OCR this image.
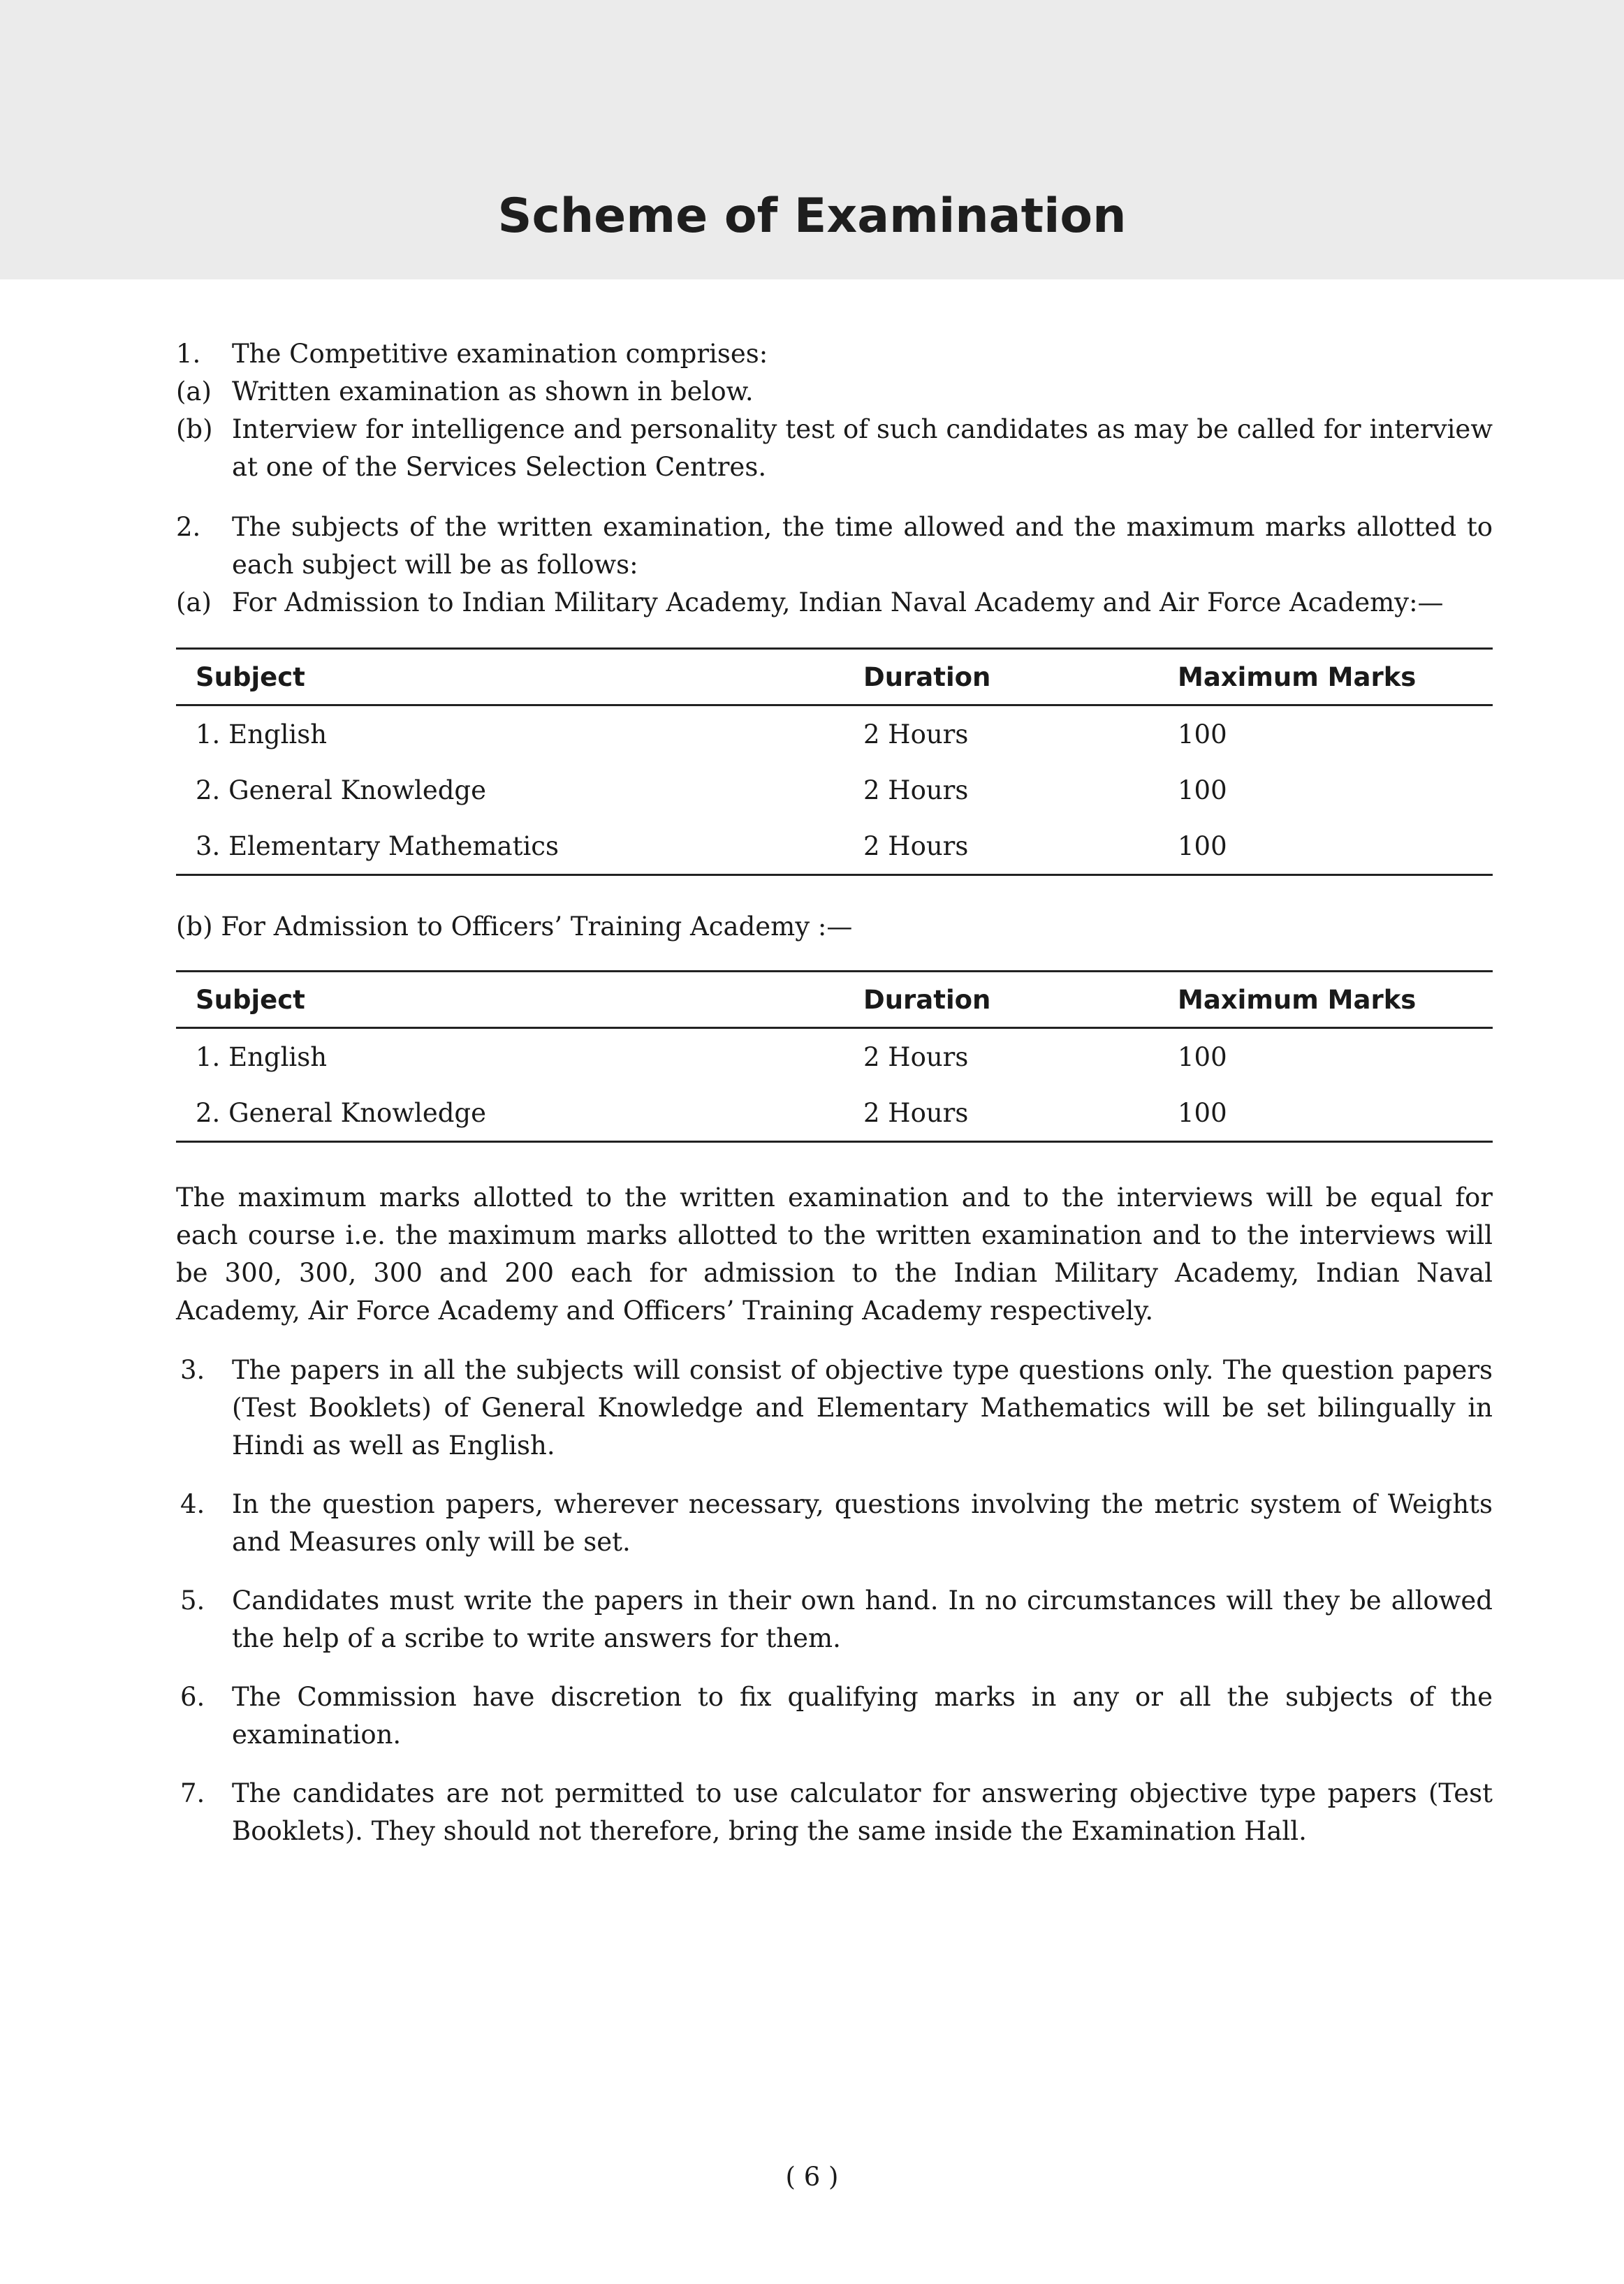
Scheme of Examination
1.	The Competitive examination comprises:
(a) Written examination as shown in below.
(b) Interview for intelligence and personality test of such candidates as may be called for interview at one of the Services Selection Centres.
2.	The subjects of the written examination, the time allowed and the maximum marks allotted to each subject will be as follows:
(a) For Admission to Indian Military Academy, Indian Naval Academy and Air Force Academy:—
Subject	Duration	Maximum Marks
1. English	2 Hours	100
2. General Knowledge	2 Hours	100
3. Elementary Mathematics	2 Hours	100
(b) For Admission to Officers’ Training Academy :—
Subject	Duration	Maximum Marks
1. English	2 Hours	100
2. General Knowledge	2 Hours	100
The maximum marks allotted to the written examination and to the interviews will be equal for each course i.e. the maximum marks allotted to the written examination and to the interviews will be 300, 300, 300 and 200 each for admission to the Indian Military Academy, Indian Naval Academy, Air Force Academy and Officers’ Training Academy respectively.
3.	The papers in all the subjects will consist of objective type questions only. The question papers (Test Booklets) of General Knowledge and Elementary Mathematics will be set bilingually in Hindi as well as English.
4.	In the question papers, wherever necessary, questions involving the metric system of Weights and Measures only will be set.
5.	Candidates must write the papers in their own hand. In no circumstances will they be allowed the help of a scribe to write answers for them.
6.	The Commission have discretion to fix qualifying marks in any or all the subjects of the examination.
7.	The candidates are not permitted to use calculator for answering objective type papers (Test Booklets). They should not therefore, bring the same inside the Examination Hall.
( 6 )
